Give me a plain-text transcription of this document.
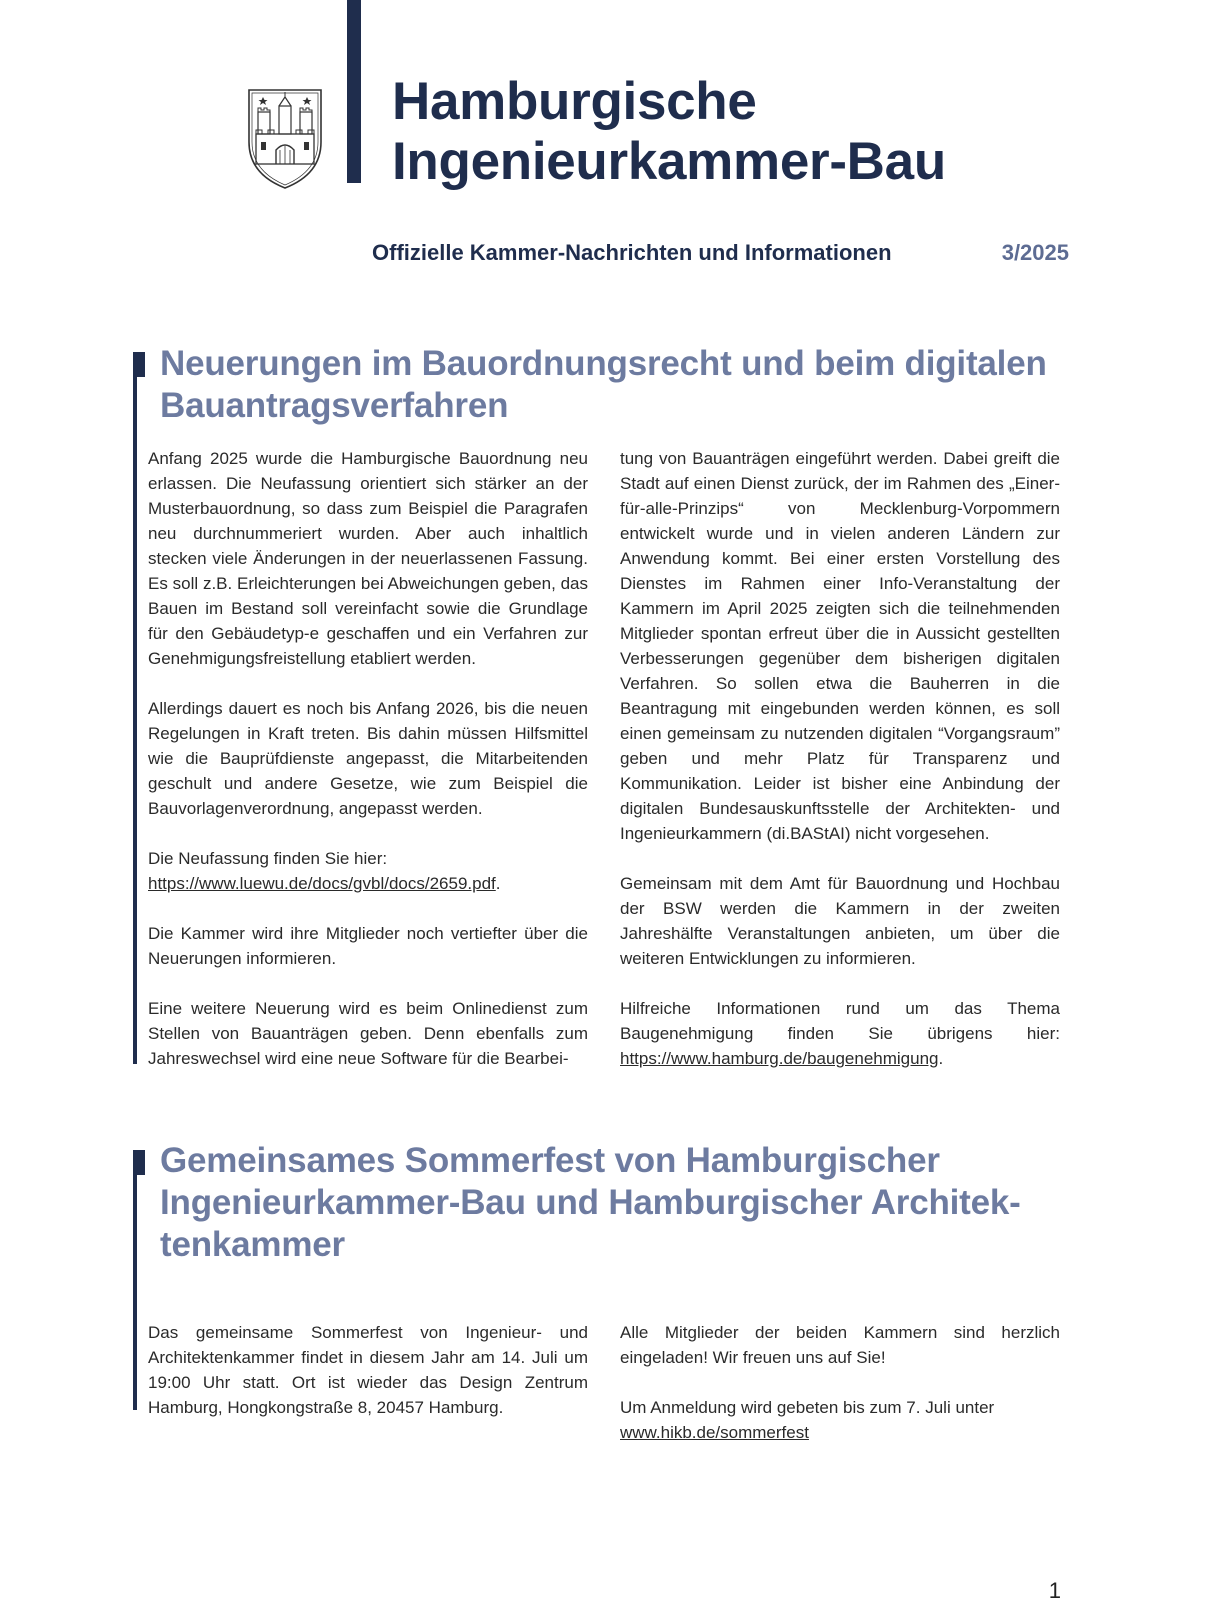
Hamburgische
Ingenieurkammer-Bau
Offizielle Kammer-Nachrichten und Informationen	3/2025
Neuerungen im Bauordnungsrecht und beim digitalen
Bauantragsverfahren

Anfang 2025 wurde die Hamburgische Bauordnung neu erlassen. Die Neufassung orientiert sich stärker an der Musterbauordnung, so dass zum Beispiel die Paragrafen neu durchnummeriert wurden. Aber auch inhaltlich stecken viele Änderungen in der neuerlassenen Fassung. Es soll z.B. Erleichterungen bei Abweichungen geben, das Bauen im Bestand soll vereinfacht sowie die Grundlage für den Gebäudetyp-e geschaffen und ein Verfahren zur Genehmigungsfreistellung etabliert werden.

Allerdings dauert es noch bis Anfang 2026, bis die neuen Regelungen in Kraft treten. Bis dahin müssen Hilfsmittel wie die Bauprüfdienste angepasst, die Mitarbeitenden geschult und andere Gesetze, wie zum Beispiel die Bauvorlagenverordnung, angepasst werden.

Die Neufassung finden Sie hier:
https://www.luewu.de/docs/gvbl/docs/2659.pdf.

Die Kammer wird ihre Mitglieder noch vertiefter über die Neuerungen informieren.

Eine weitere Neuerung wird es beim Onlinedienst zum Stellen von Bauanträgen geben. Denn ebenfalls zum Jahreswechsel wird eine neue Software für die Bearbei-

tung von Bauanträgen eingeführt werden. Dabei greift die Stadt auf einen Dienst zurück, der im Rahmen des „Einer-für-alle-Prinzips“ von Mecklenburg-Vorpommern entwickelt wurde und in vielen anderen Ländern zur Anwendung kommt. Bei einer ersten Vorstellung des Dienstes im Rahmen einer Info-Veranstaltung der Kammern im April 2025 zeigten sich die teilnehmenden Mitglieder spontan erfreut über die in Aussicht gestellten Verbesserungen gegenüber dem bisherigen digitalen Verfahren. So sollen etwa die Bauherren in die Beantragung mit eingebunden werden können, es soll einen gemeinsam zu nutzenden digitalen “Vorgangsraum” geben und mehr Platz für Transparenz und Kommunikation. Leider ist bisher eine Anbindung der digitalen Bundesauskunftsstelle der Architekten- und Ingenieurkammern (di.BAStAI) nicht vorgesehen.

Gemeinsam mit dem Amt für Bauordnung und Hochbau der BSW werden die Kammern in der zweiten Jahreshälfte Veranstaltungen anbieten, um über die weiteren Entwicklungen zu informieren.

Hilfreiche Informationen rund um das Thema Baugenehmigung finden Sie übrigens hier: https://www.hamburg.de/baugenehmigung.

Gemeinsames Sommerfest von Hamburgischer
Ingenieurkammer-Bau und Hamburgischer Architek-
tenkammer

Das gemeinsame Sommerfest von Ingenieur- und Architektenkammer findet in diesem Jahr am 14. Juli um 19:00 Uhr statt. Ort ist wieder das Design Zentrum Hamburg, Hongkongstraße 8, 20457 Hamburg.

Alle Mitglieder der beiden Kammern sind herzlich eingeladen! Wir freuen uns auf Sie!

Um Anmeldung wird gebeten bis zum 7. Juli unter
www.hikb.de/sommerfest

1
